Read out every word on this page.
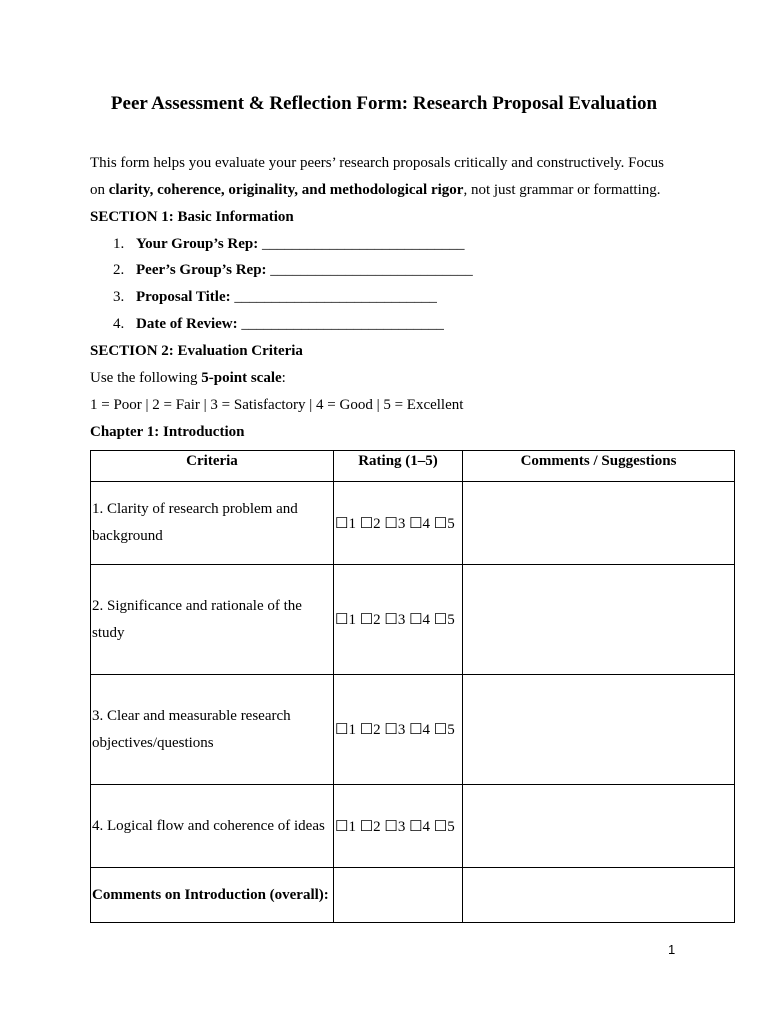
Peer Assessment & Reflection Form: Research Proposal Evaluation
This form helps you evaluate your peers’ research proposals critically and constructively. Focus
on clarity, coherence, originality, and methodological rigor, not just grammar or formatting.
SECTION 1: Basic Information
1. Your Group’s Rep: ___________________________
2. Peer’s Group’s Rep: ___________________________
3. Proposal Title: ___________________________
4. Date of Review: ___________________________
SECTION 2: Evaluation Criteria
Use the following 5-point scale:
1 = Poor | 2 = Fair | 3 = Satisfactory | 4 = Good | 5 = Excellent
Chapter 1: Introduction
Criteria	Rating (1–5)	Comments / Suggestions
1. Clarity of research problem and background	☐1 ☐2 ☐3 ☐4 ☐5	
2. Significance and rationale of the study	☐1 ☐2 ☐3 ☐4 ☐5	
3. Clear and measurable research objectives/questions	☐1 ☐2 ☐3 ☐4 ☐5	
4. Logical flow and coherence of ideas	☐1 ☐2 ☐3 ☐4 ☐5	
Comments on Introduction (overall):		
1
